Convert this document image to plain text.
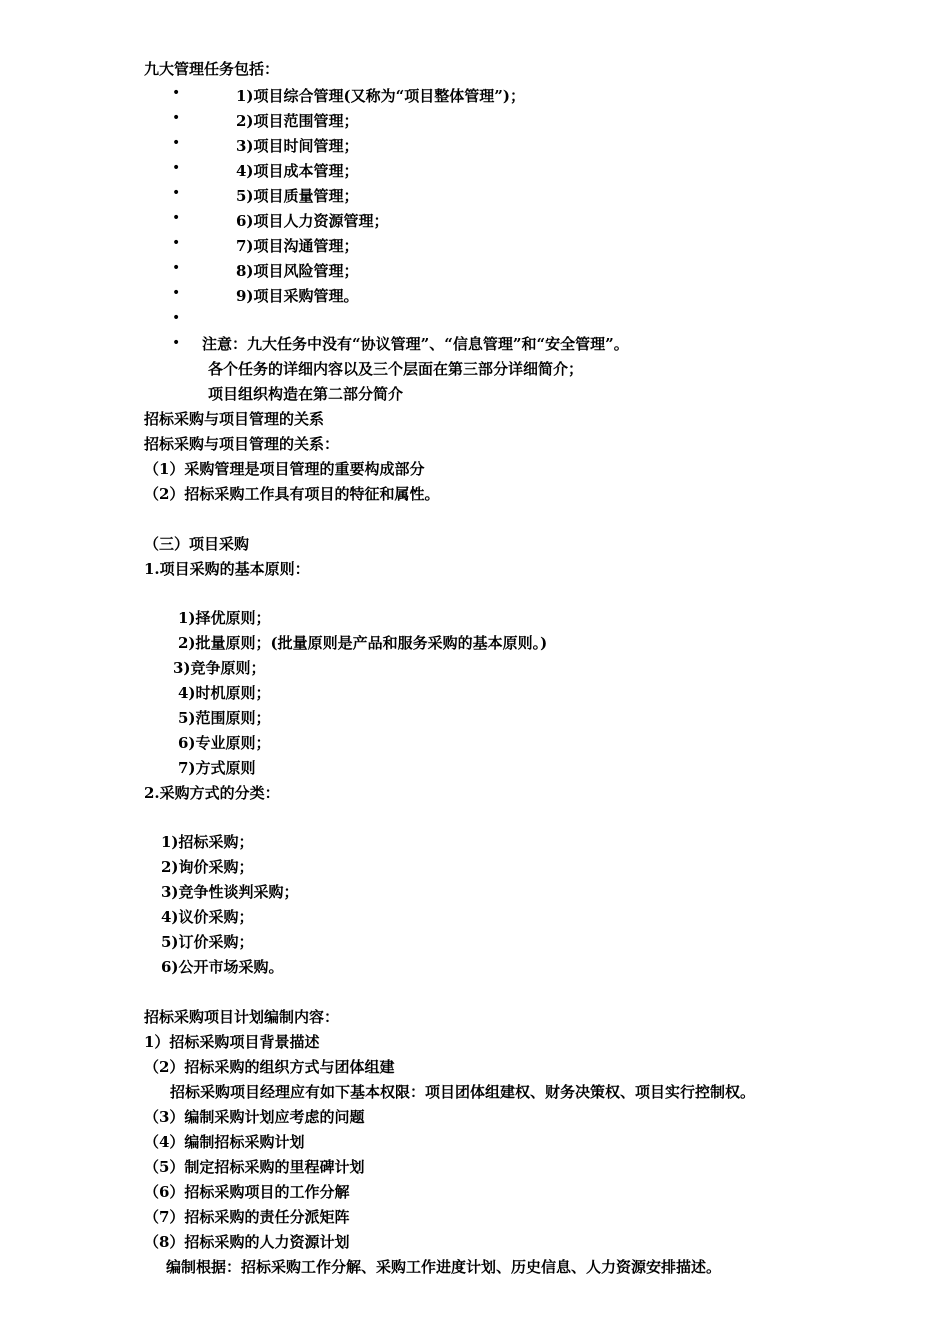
九大管理任务包括：
•	1)项目综合管理(又称为“项目整体管理”)；
•	2)项目范围管理；
•	3)项目时间管理；
•	4)项目成本管理；
•	5)项目质量管理；
•	6)项目人力资源管理；
•	7)项目沟通管理；
•	8)项目风险管理；
•	9)项目采购管理。
•
• 注意：九大任务中没有“协议管理”、“信息管理”和“安全管理”。
各个任务的详细内容以及三个层面在第三部分详细简介；
项目组织构造在第二部分简介
招标采购与项目管理的关系
招标采购与项目管理的关系：
（1）采购管理是项目管理的重要构成部分
（2）招标采购工作具有项目的特征和属性。
（三）项目采购
1.项目采购的基本原则：
1)择优原则；
2)批量原则；(批量原则是产品和服务采购的基本原则。)
3)竞争原则；
4)时机原则；
5)范围原则；
6)专业原则；
7)方式原则
2.采购方式的分类：
1)招标采购；
2)询价采购；
3)竞争性谈判采购；
4)议价采购；
5)订价采购；
6)公开市场采购。
招标采购项目计划编制内容：
1）招标采购项目背景描述
（2）招标采购的组织方式与团体组建
招标采购项目经理应有如下基本权限：项目团体组建权、财务决策权、项目实行控制权。
（3）编制采购计划应考虑的问题
（4）编制招标采购计划
（5）制定招标采购的里程碑计划
（6）招标采购项目的工作分解
（7）招标采购的责任分派矩阵
（8）招标采购的人力资源计划
编制根据：招标采购工作分解、采购工作进度计划、历史信息、人力资源安排描述。
